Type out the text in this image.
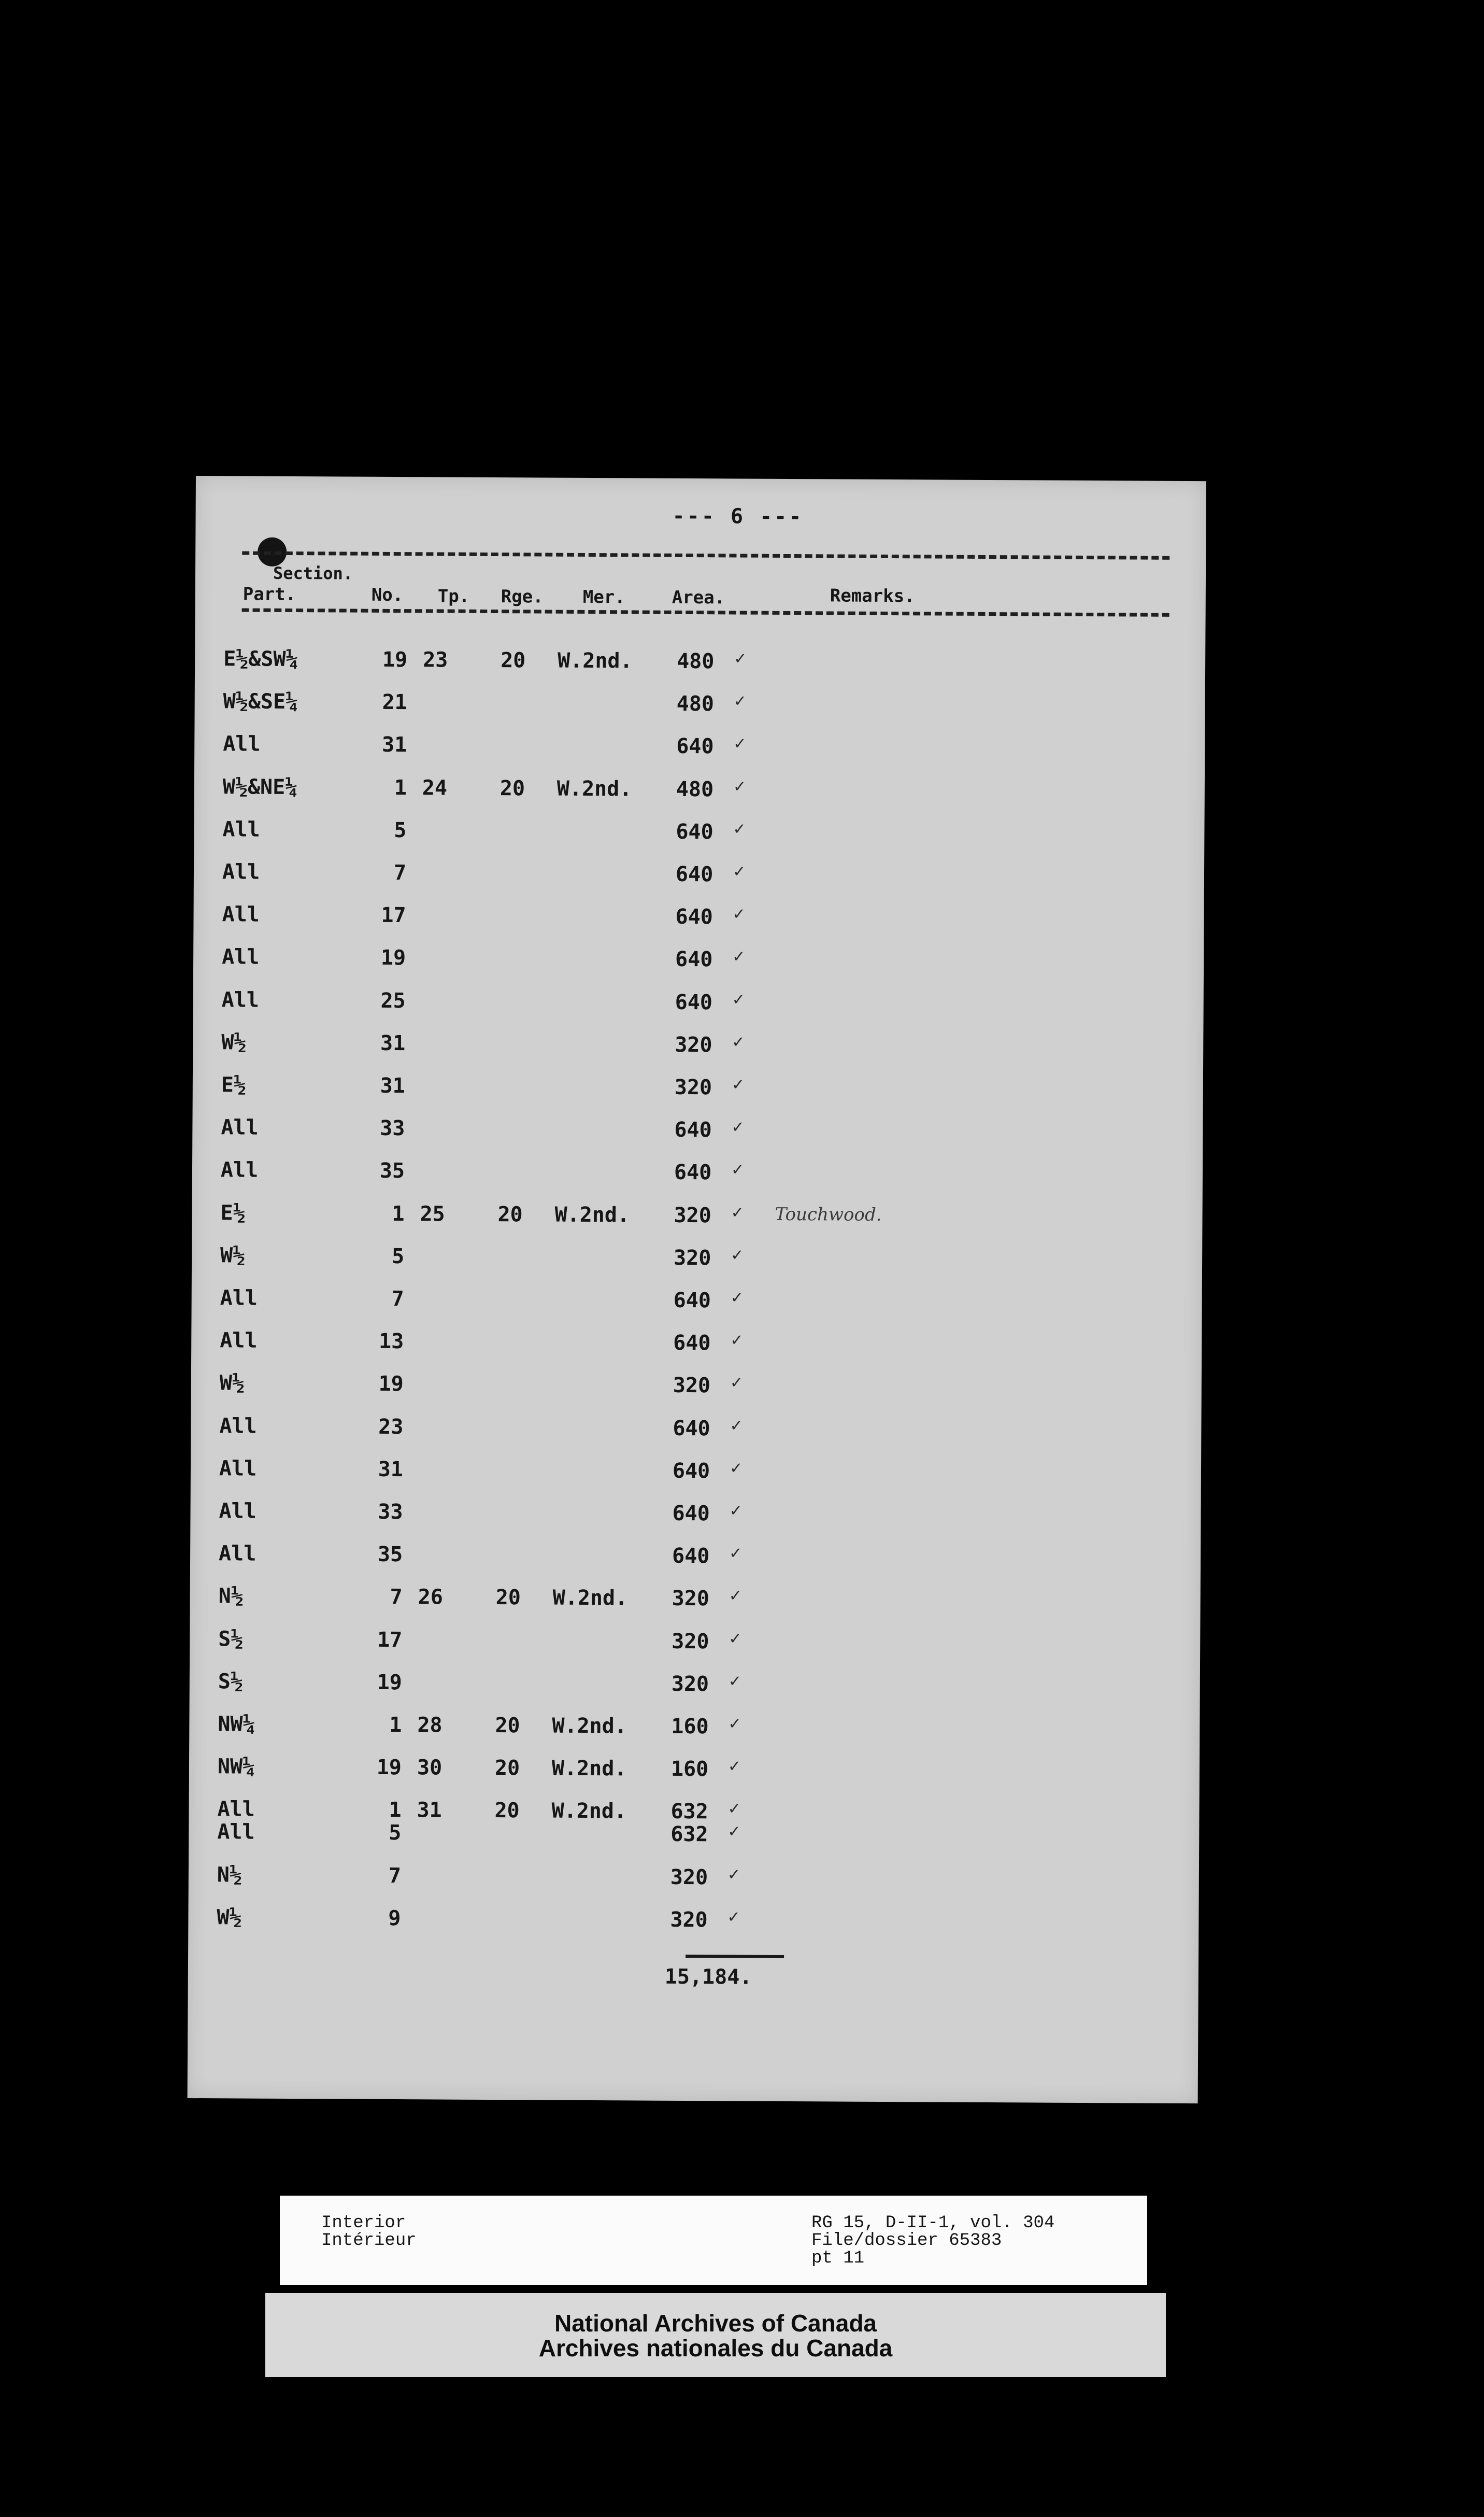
--- 6 ---
Section.
Part.	No. Tp. Rge. Mer.	Area.	Remarks.
E½&SW¼	19 23	20 W.2nd. 480 ✓
W½&SE¼	21	480 ✓
All	31	640 ✓
W½&NE¼	1 24	20 W.2nd. 480 ✓
All	5	640 ✓
All	7	640 ✓
All	17	640 ✓
All	19	640 ✓
All	25	640 ✓
W½	31	320 ✓
E½	31	320 ✓
All	33	640 ✓
All	35	640 ✓
E½	1 25	20 W.2nd. 320 ✓ Touchwood.
W½	5	320 ✓
All	7	640 ✓
All	13	640 ✓
W½	19	320 ✓
All	23	640 ✓
All	31	640 ✓
All	33	640 ✓
All	35	640 ✓
N½	7 26	20 W.2nd. 320 ✓
S½	17	320 ✓
S½	19	320 ✓
NW¼	1 28	20 W.2nd. 160 ✓
NW¼	19 30	20 W.2nd. 160 ✓
All	1 31	20 W.2nd. 632 ✓
All	5	632 ✓
N½	7	320 ✓
W½	9	320 ✓
15,184.
Interior
Intérieur
RG 15, D-II-1, vol. 304
File/dossier 65383
pt 11
National Archives of Canada
Archives nationales du Canada
